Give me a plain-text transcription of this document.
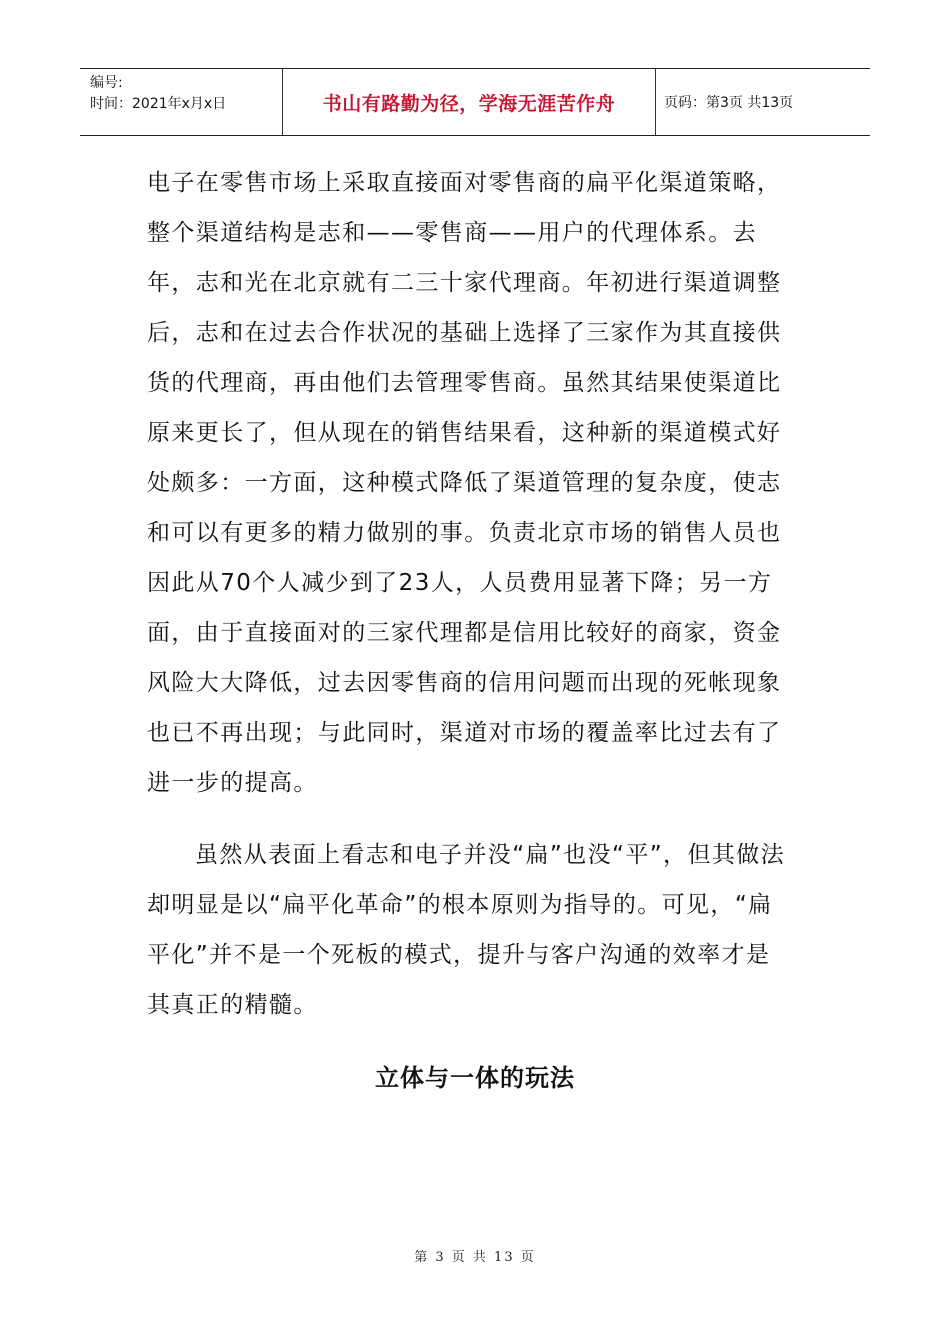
编号:
时间：2021年x月x日	书山有路勤为径，学海无涯苦作舟	页码：第3页 共13页
电子在零售市场上采取直接面对零售商的扁平化渠道策略，整个渠道结构是志和——零售商——用户的代理体系。去年，志和光在北京就有二三十家代理商。年初进行渠道调整后，志和在过去合作状况的基础上选择了三家作为其直接供货的代理商，再由他们去管理零售商。虽然其结果使渠道比原来更长了，但从现在的销售结果看，这种新的渠道模式好处颇多：一方面，这种模式降低了渠道管理的复杂度，使志和可以有更多的精力做别的事。负责北京市场的销售人员也因此从70个人减少到了23人，人员费用显著下降；另一方面，由于直接面对的三家代理都是信用比较好的商家，资金风险大大降低，过去因零售商的信用问题而出现的死帐现象也已不再出现；与此同时，渠道对市场的覆盖率比过去有了进一步的提高。
虽然从表面上看志和电子并没“扁”也没“平”，但其做法却明显是以“扁平化革命”的根本原则为指导的。可见，“扁平化”并不是一个死板的模式，提升与客户沟通的效率才是其真正的精髓。
立体与一体的玩法
第 3 页 共 13 页
